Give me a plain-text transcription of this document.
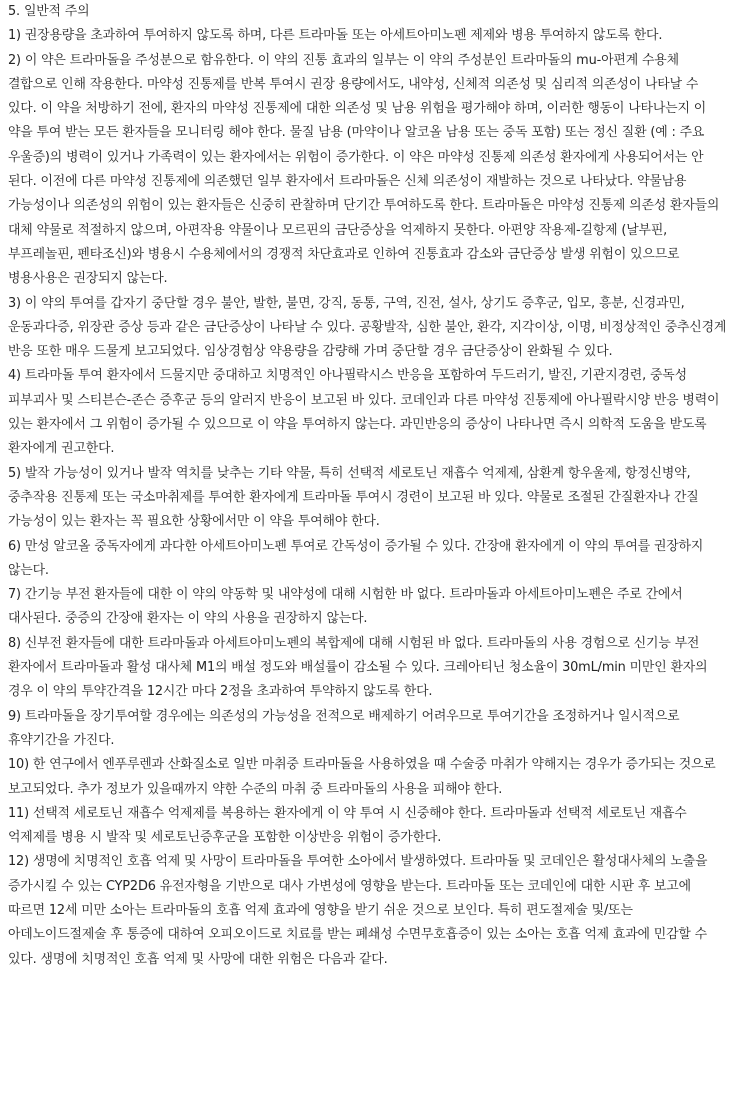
5. 일반적 주의

1) 권장용량을 초과하여 투여하지 않도록 하며, 다른 트라마돌 또는 아세트아미노펜 제제와 병용 투여하지 않도록 한다.

2) 이 약은 트라마돌을 주성분으로 함유한다. 이 약의 진통 효과의 일부는 이 약의 주성분인 트라마돌의 mu-아편계 수용체 결합으로 인해 작용한다. 마약성 진통제를 반복 투여시 권장 용량에서도, 내약성, 신체적 의존성 및 심리적 의존성이 나타날 수 있다. 이 약을 처방하기 전에, 환자의 마약성 진통제에 대한 의존성 및 남용 위험을 평가해야 하며, 이러한 행동이 나타나는지 이 약을 투여 받는 모든 환자들을 모니터링 해야 한다. 물질 남용 (마약이나 알코올 남용 또는 중독 포함) 또는 정신 질환 (예 : 주요 우울증)의 병력이 있거나 가족력이 있는 환자에서는 위험이 증가한다. 이 약은 마약성 진통제 의존성 환자에게 사용되어서는 안 된다. 이전에 다른 마약성 진통제에 의존했던 일부 환자에서 트라마돌은 신체 의존성이 재발하는 것으로 나타났다. 약물남용 가능성이나 의존성의 위험이 있는 환자들은 신중히 관찰하며 단기간 투여하도록 한다. 트라마돌은 마약성 진통제 의존성 환자들의 대체 약물로 적절하지 않으며, 아편작용 약물이나 모르핀의 금단증상을 억제하지 못한다. 아편양 작용제-길항제 (날부핀, 부프레놀핀, 펜타조신)와 병용시 수용체에서의 경쟁적 차단효과로 인하여 진통효과 감소와 금단증상 발생 위험이 있으므로 병용사용은 권장되지 않는다.

3) 이 약의 투여를 갑자기 중단할 경우 불안, 발한, 불면, 강직, 동통, 구역, 진전, 설사, 상기도 증후군, 입모, 흥분, 신경과민, 운동과다증, 위장관 증상 등과 같은 금단증상이 나타날 수 있다. 공황발작, 심한 불안, 환각, 지각이상, 이명, 비정상적인 중추신경계 반응 또한 매우 드물게 보고되었다. 임상경험상 약용량을 감량해 가며 중단할 경우 금단증상이 완화될 수 있다.

4) 트라마돌 투여 환자에서 드물지만 중대하고 치명적인 아나필락시스 반응을 포함하여 두드러기, 발진, 기관지경련, 중독성 피부괴사 및 스티븐슨-존슨 증후군 등의 알러지 반응이 보고된 바 있다. 코데인과 다른 마약성 진통제에 아나필락시양 반응 병력이 있는 환자에서 그 위험이 증가될 수 있으므로 이 약을 투여하지 않는다. 과민반응의 증상이 나타나면 즉시 의학적 도움을 받도록 환자에게 권고한다.

5) 발작 가능성이 있거나 발작 역치를 낮추는 기타 약물, 특히 선택적 세로토닌 재흡수 억제제, 삼환계 항우울제, 항정신병약, 중추작용 진통제 또는 국소마취제를 투여한 환자에게 트라마돌 투여시 경련이 보고된 바 있다. 약물로 조절된 간질환자나 간질 가능성이 있는 환자는 꼭 필요한 상황에서만 이 약을 투여해야 한다.

6) 만성 알코올 중독자에게 과다한 아세트아미노펜 투여로 간독성이 증가될 수 있다. 간장애 환자에게 이 약의 투여를 권장하지 않는다.

7) 간기능 부전 환자들에 대한 이 약의 약동학 및 내약성에 대해 시험한 바 없다. 트라마돌과 아세트아미노펜은 주로 간에서 대사된다. 중증의 간장애 환자는 이 약의 사용을 권장하지 않는다.

8) 신부전 환자들에 대한 트라마돌과 아세트아미노펜의 복합제에 대해 시험된 바 없다. 트라마돌의 사용 경험으로 신기능 부전 환자에서 트라마돌과 활성 대사체 M1의 배설 정도와 배설률이 감소될 수 있다. 크레아티닌 청소율이 30mL/min 미만인 환자의 경우 이 약의 투약간격을 12시간 마다 2정을 초과하여 투약하지 않도록 한다.

9) 트라마돌을 장기투여할 경우에는 의존성의 가능성을 전적으로 배제하기 어려우므로 투여기간을 조정하거나 일시적으로 휴약기간을 가진다.

10) 한 연구에서 엔푸루렌과 산화질소로 일반 마취중 트라마돌을 사용하였을 때 수술중 마취가 약해지는 경우가 증가되는 것으로 보고되었다. 추가 정보가 있을때까지 약한 수준의 마취 중 트라마돌의 사용을 피해야 한다.

11) 선택적 세로토닌 재흡수 억제제를 복용하는 환자에게 이 약 투여 시 신중해야 한다. 트라마돌과 선택적 세로토닌 재흡수 억제제를 병용 시 발작 및 세로토닌증후군을 포함한 이상반응 위험이 증가한다.

12) 생명에 치명적인 호흡 억제 및 사망이 트라마돌을 투여한 소아에서 발생하였다. 트라마돌 및 코데인은 활성대사체의 노출을 증가시킬 수 있는 CYP2D6 유전자형을 기반으로 대사 가변성에 영향을 받는다. 트라마돌 또는 코데인에 대한 시판 후 보고에 따르면 12세 미만 소아는 트라마돌의 호흡 억제 효과에 영향을 받기 쉬운 것으로 보인다. 특히 편도절제술 및/또는 아데노이드절제술 후 통증에 대하여 오피오이드로 치료를 받는 폐쇄성 수면무호흡증이 있는 소아는 호흡 억제 효과에 민감할 수 있다. 생명에 치명적인 호흡 억제 및 사망에 대한 위험은 다음과 같다.
